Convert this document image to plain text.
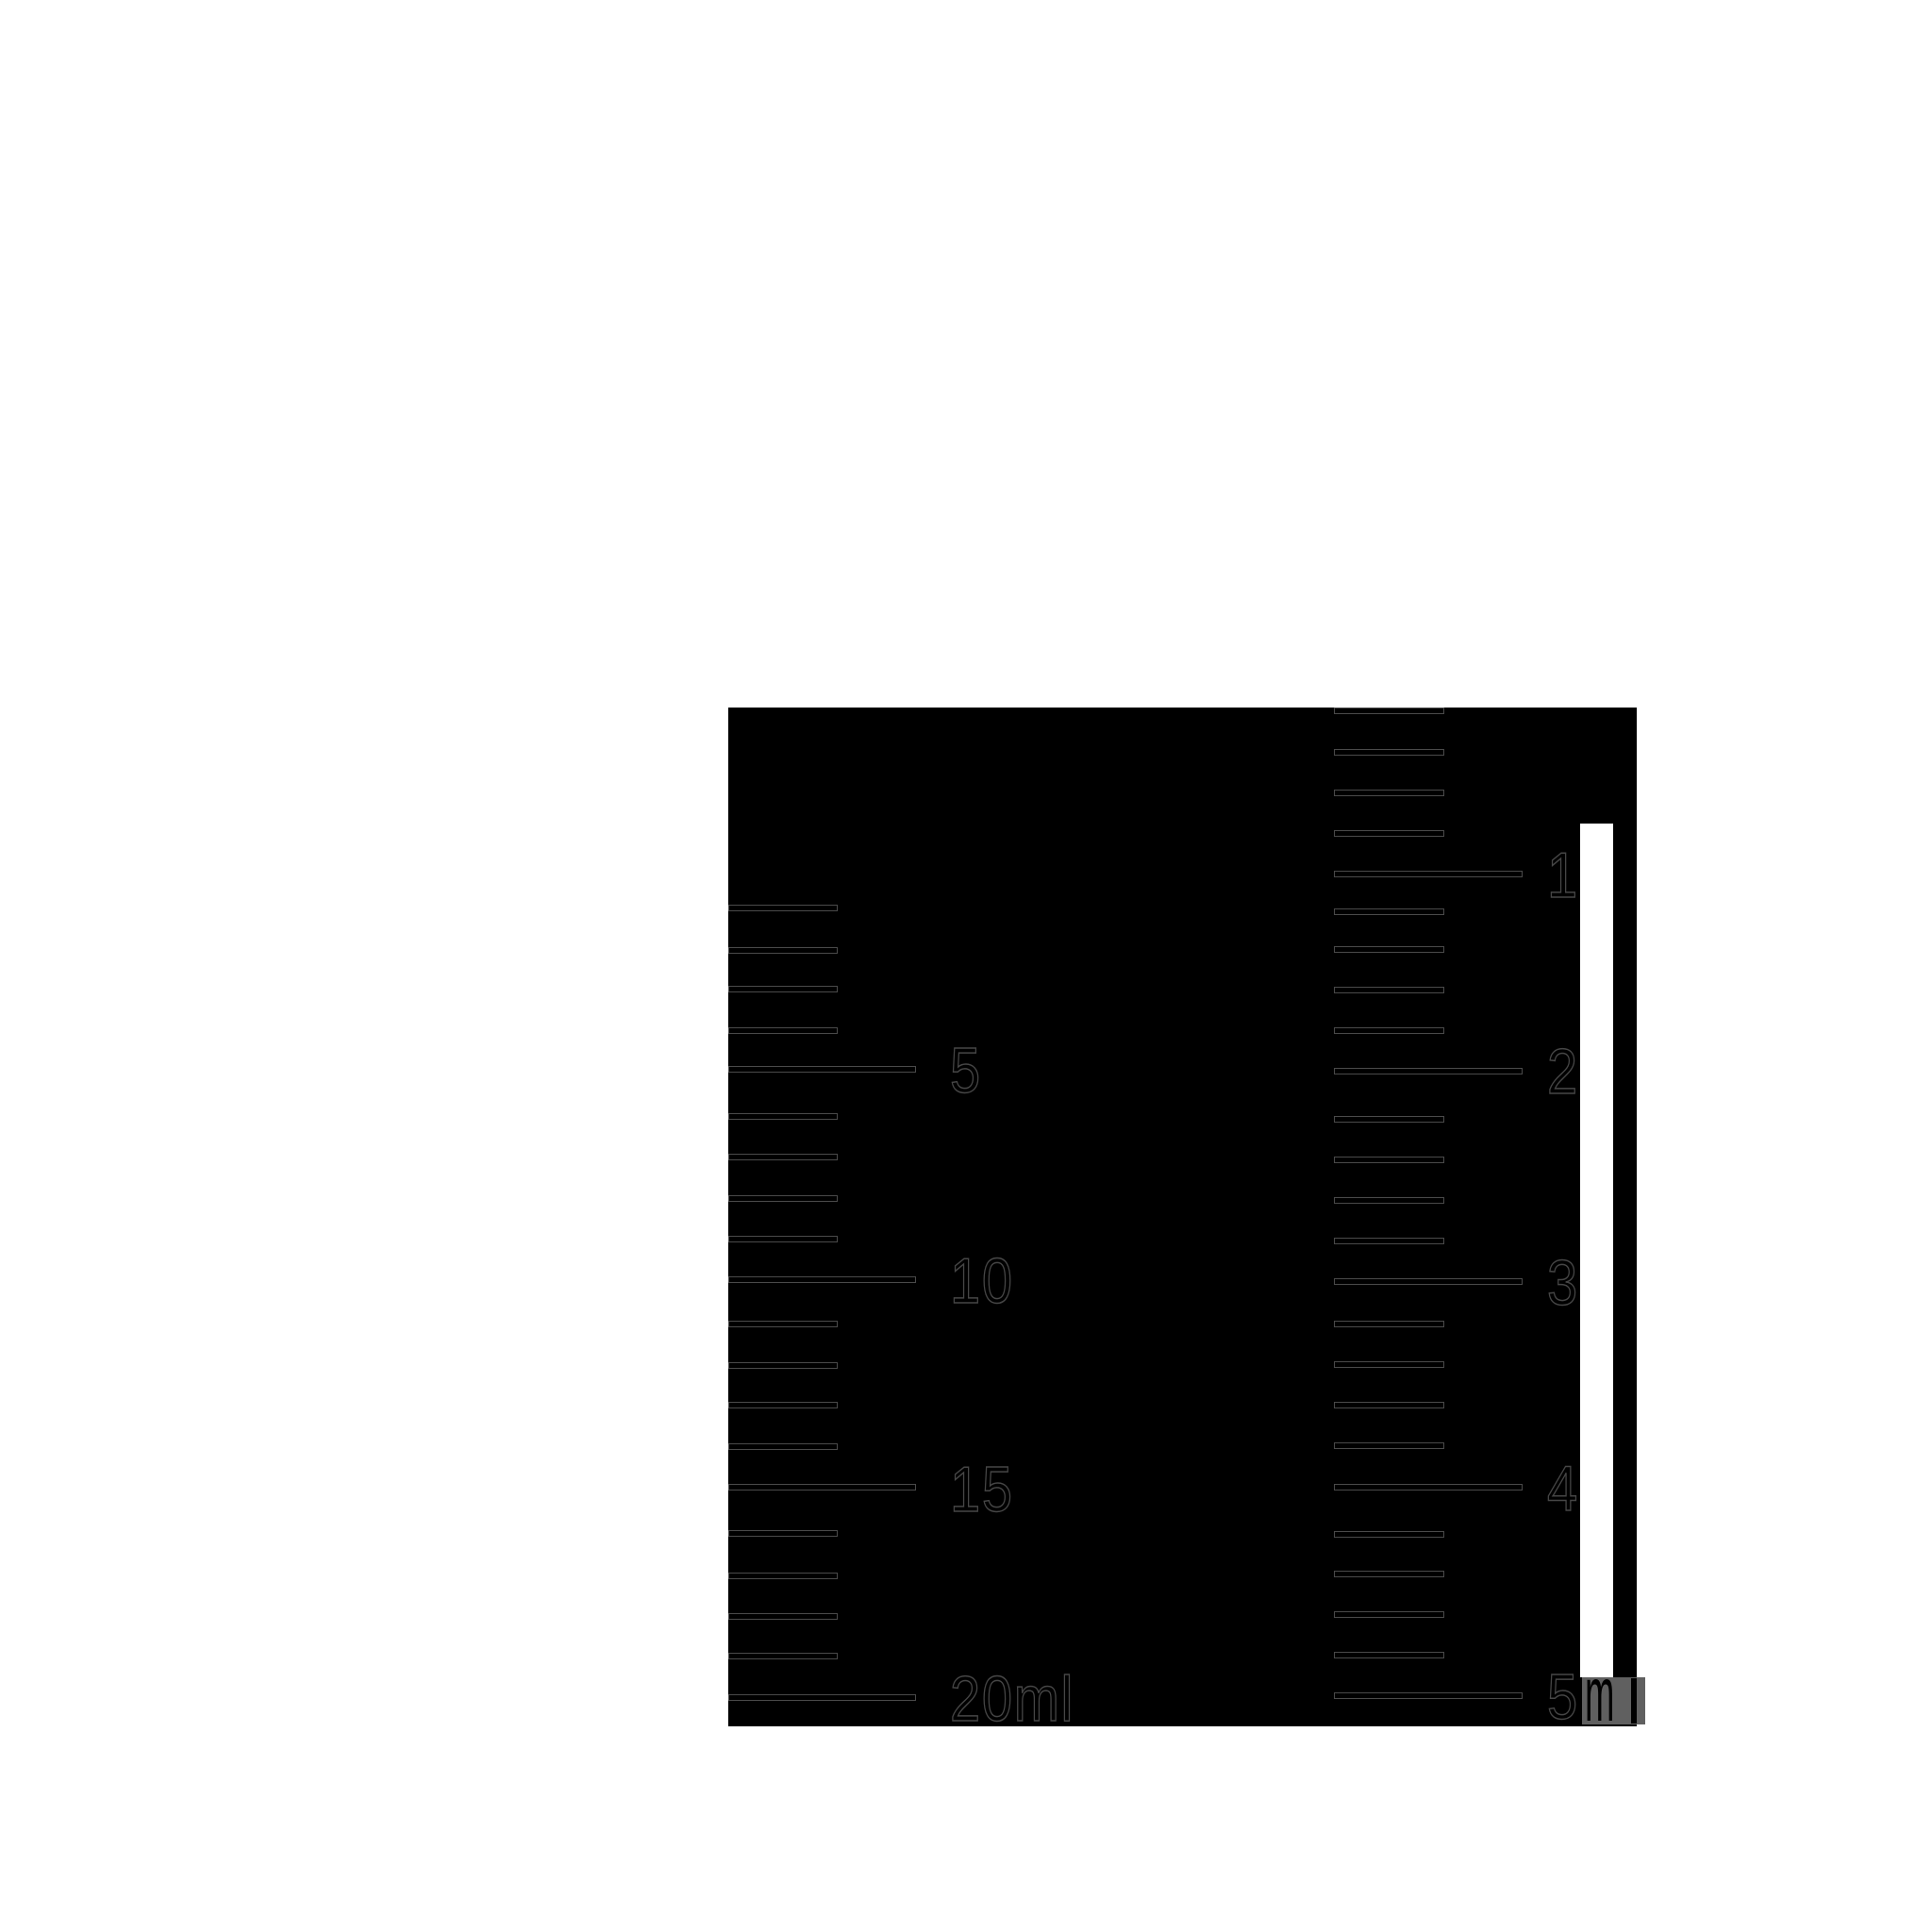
5
10
15
20ml
1
2
3
4
5 m
